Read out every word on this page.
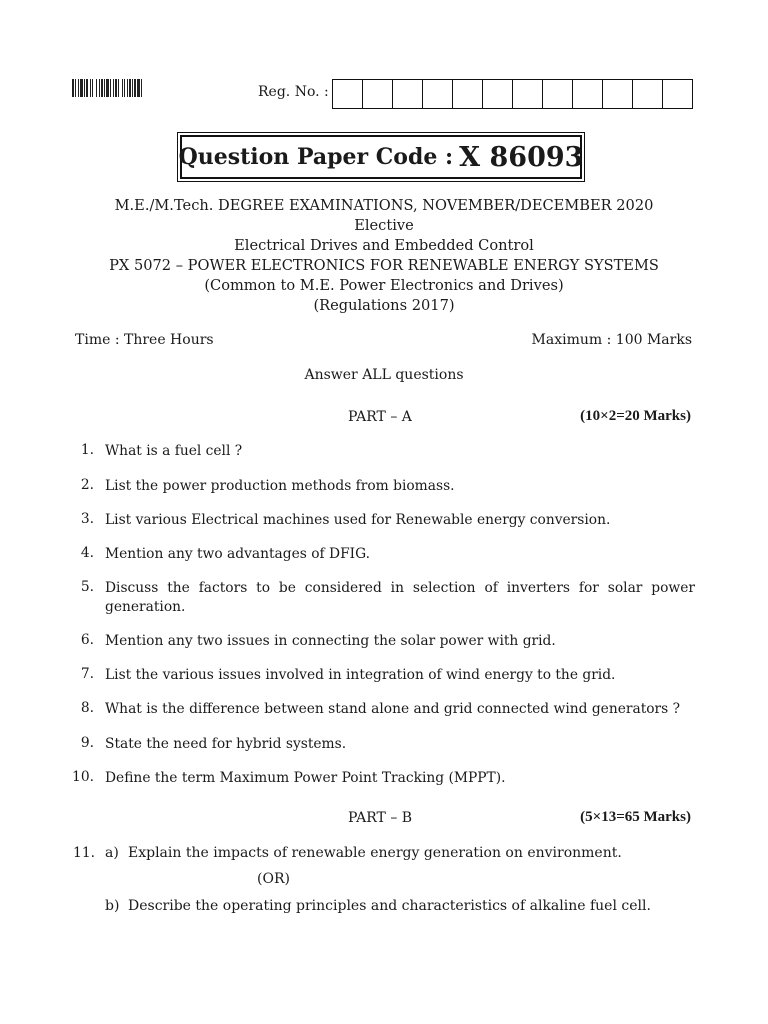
Reg. No. :
Question Paper Code : X 86093
M.E./M.Tech. DEGREE EXAMINATIONS, NOVEMBER/DECEMBER 2020
Elective
Electrical Drives and Embedded Control
PX 5072 – POWER ELECTRONICS FOR RENEWABLE ENERGY SYSTEMS
(Common to M.E. Power Electronics and Drives)
(Regulations 2017)
Time : Three Hours	Maximum : 100 Marks
Answer ALL questions
PART – A	(10×2=20 Marks)
1. What is a fuel cell ?
2. List the power production methods from biomass.
3. List various Electrical machines used for Renewable energy conversion.
4. Mention any two advantages of DFIG.
5. Discuss the factors to be considered in selection of inverters for solar power generation.
6. Mention any two issues in connecting the solar power with grid.
7. List the various issues involved in integration of wind energy to the grid.
8. What is the difference between stand alone and grid connected wind generators ?
9. State the need for hybrid systems.
10. Define the term Maximum Power Point Tracking (MPPT).
PART – B	(5×13=65 Marks)
11. a) Explain the impacts of renewable energy generation on environment.
(OR)
b) Describe the operating principles and characteristics of alkaline fuel cell.
